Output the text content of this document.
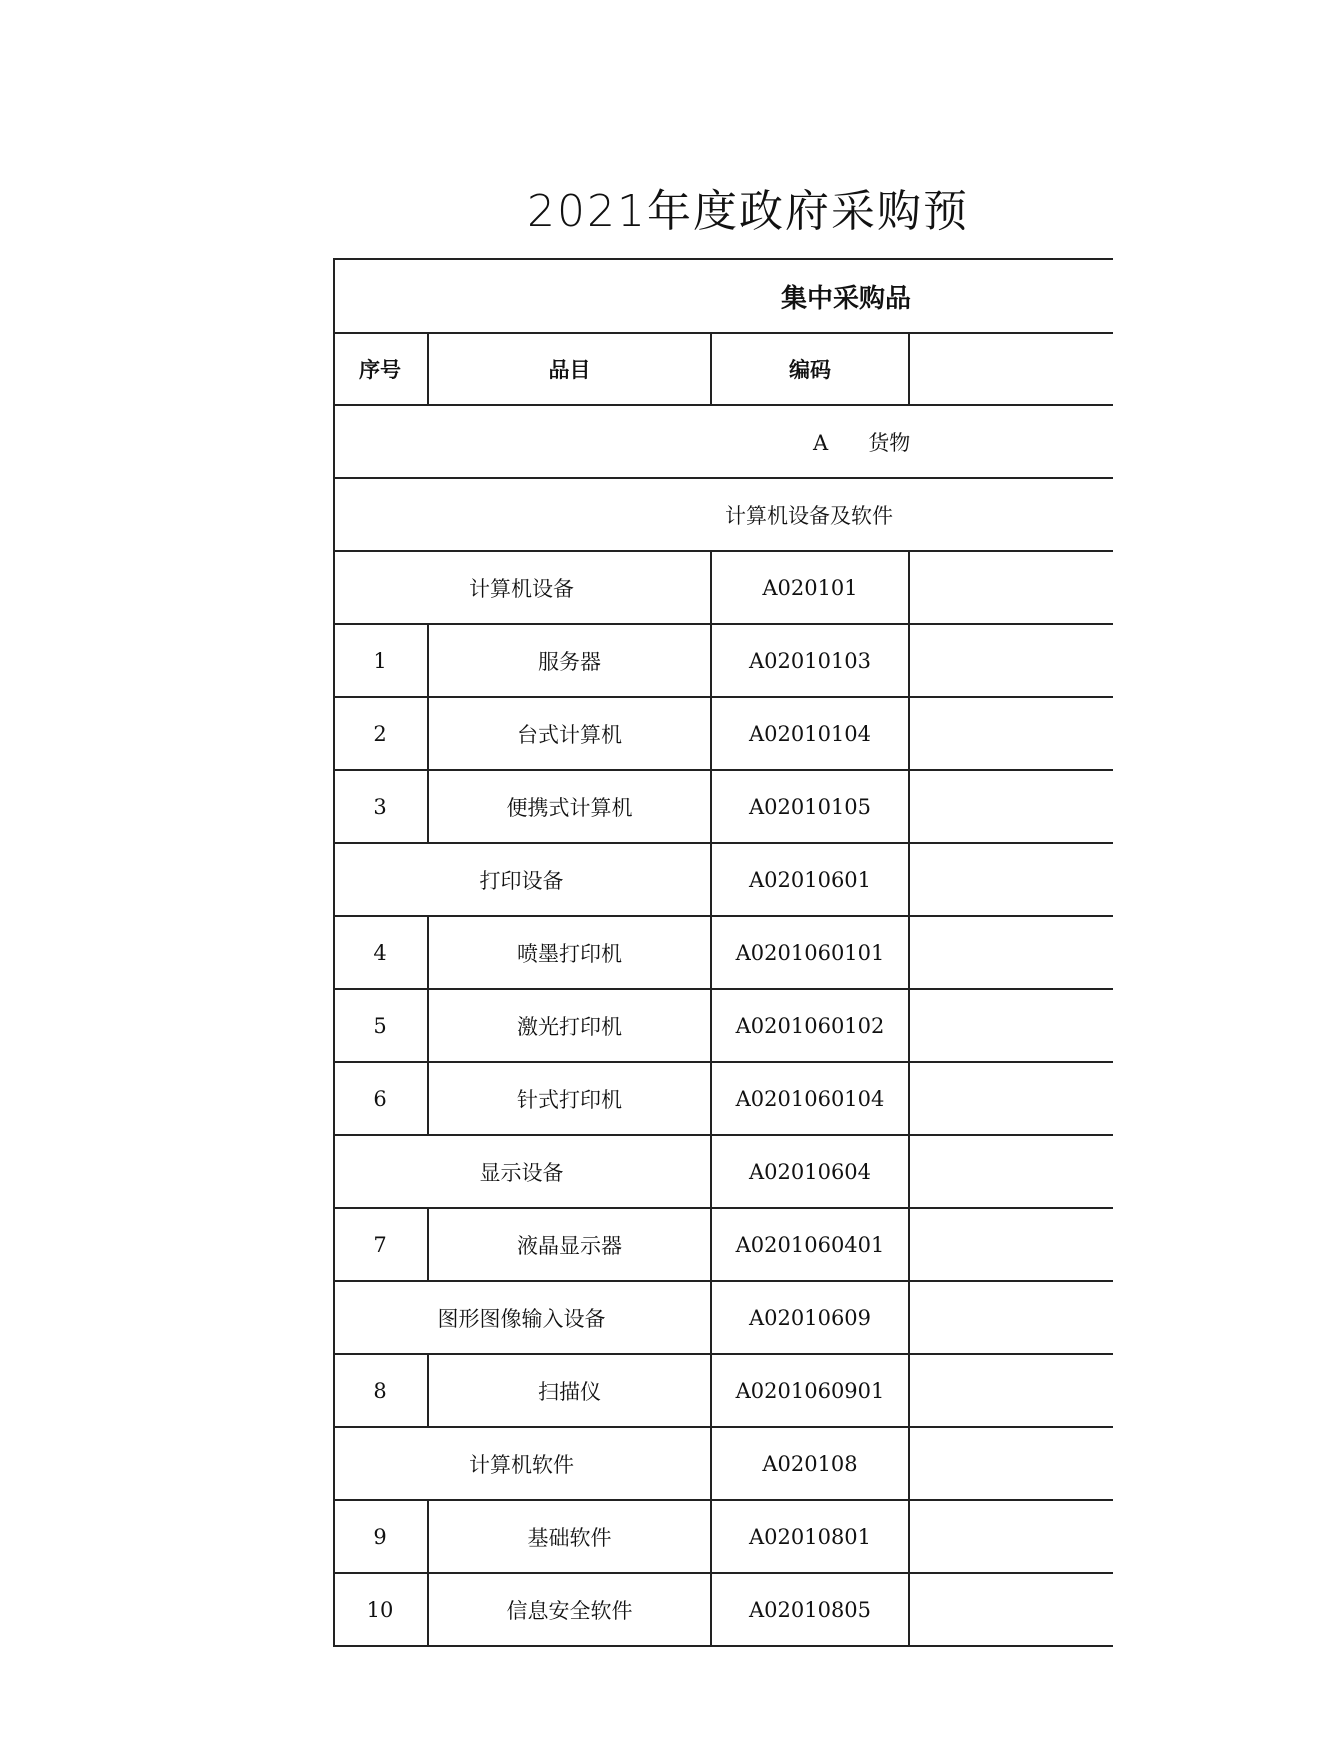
2021年度政府采购预
集中采购品
序号	品目	编码
A      货物
计算机设备及软件
计算机设备	A020101
1	服务器	A02010103
2	台式计算机	A02010104
3	便携式计算机	A02010105
打印设备	A02010601
4	喷墨打印机	A0201060101
5	激光打印机	A0201060102
6	针式打印机	A0201060104
显示设备	A02010604
7	液晶显示器	A0201060401
图形图像输入设备	A02010609
8	扫描仪	A0201060901
计算机软件	A020108
9	基础软件	A02010801
10	信息安全软件	A02010805
